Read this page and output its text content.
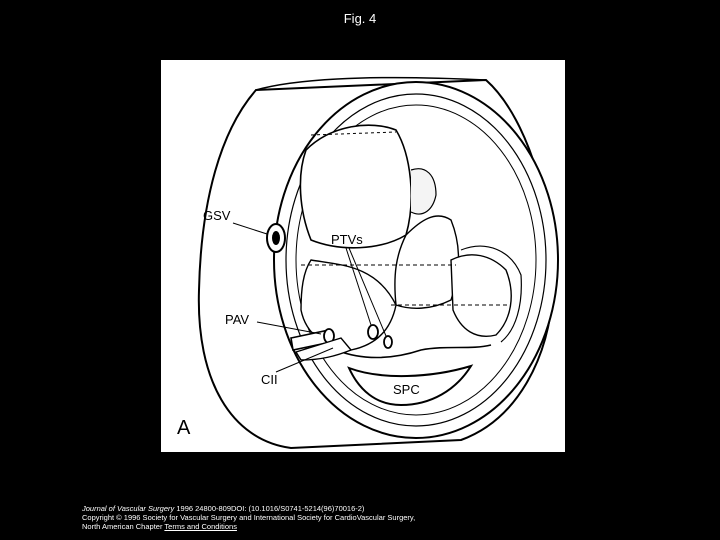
Fig. 4
GSV
PTVs
PAV
CII
SPC
A
Journal of Vascular Surgery 1996 24800-809DOI: (10.1016/S0741-5214(96)70016-2)
Copyright © 1996 Society for Vascular Surgery and International Society for CardioVascular Surgery,
North American Chapter Terms and Conditions
